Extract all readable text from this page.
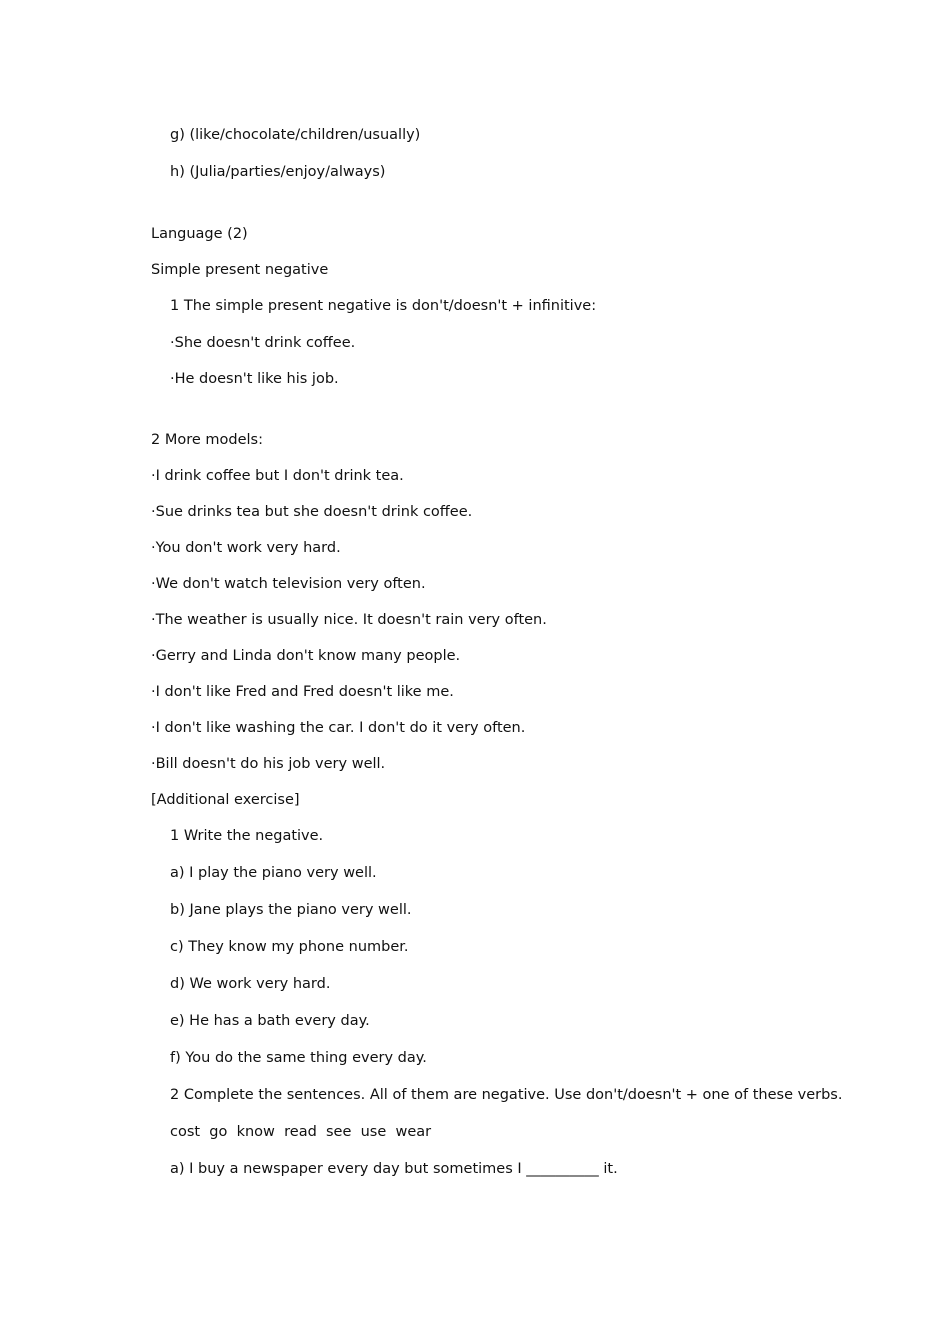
g) (like/chocolate/children/usually)
h) (Julia/parties/enjoy/always)
Language (2)
Simple present negative
1 The simple present negative is don't/doesn't + infinitive:
·She doesn't drink coffee.
·He doesn't like his job.
2 More models:
·I drink coffee but I don't drink tea.
·Sue drinks tea but she doesn't drink coffee.
·You don't work very hard.
·We don't watch television very often.
·The weather is usually nice. It doesn't rain very often.
·Gerry and Linda don't know many people.
·I don't like Fred and Fred doesn't like me.
·I don't like washing the car. I don't do it very often.
·Bill doesn't do his job very well.
[Additional exercise]
1 Write the negative.
a) I play the piano very well.
b) Jane plays the piano very well.
c) They know my phone number.
d) We work very hard.
e) He has a bath every day.
f) You do the same thing every day.
2 Complete the sentences. All of them are negative. Use don't/doesn't + one of these verbs.
cost  go  know  read  see  use  wear
a) I buy a newspaper every day but sometimes I __________ it.
